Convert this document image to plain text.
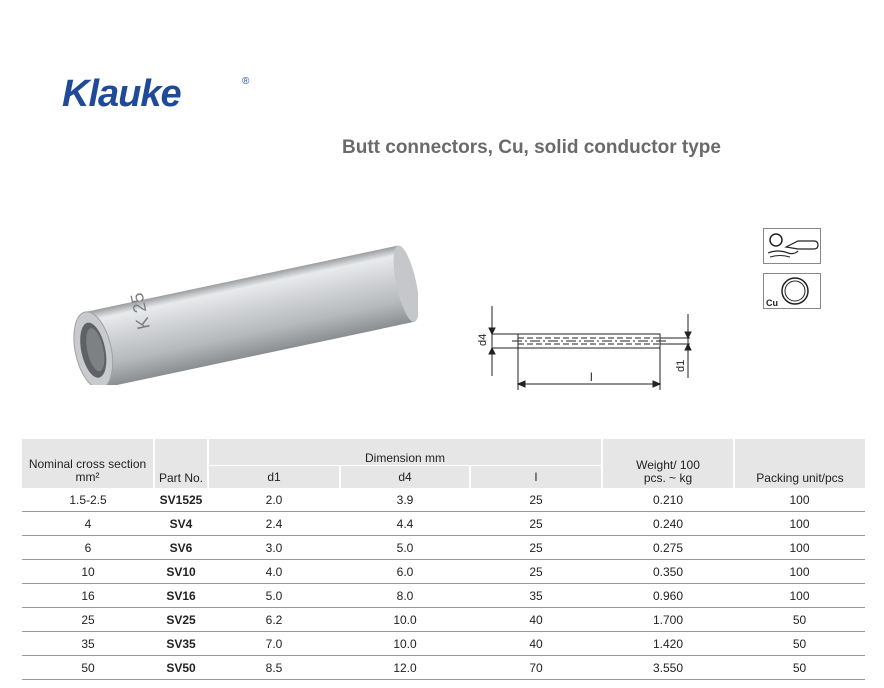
Klauke	®
Butt connectors, Cu, solid conductor type
K 25
d4
d1
l
Cu
Nominal cross section mm²	Part No.	Dimension mm			Weight/ 100 pcs. ~ kg	Packing unit/pcs
		d1	d4	l		
1.5-2.5	SV1525	2.0	3.9	25	0.210	100
4	SV4	2.4	4.4	25	0.240	100
6	SV6	3.0	5.0	25	0.275	100
10	SV10	4.0	6.0	25	0.350	100
16	SV16	5.0	8.0	35	0.960	100
25	SV25	6.2	10.0	40	1.700	50
35	SV35	7.0	10.0	40	1.420	50
50	SV50	8.5	12.0	70	3.550	50
